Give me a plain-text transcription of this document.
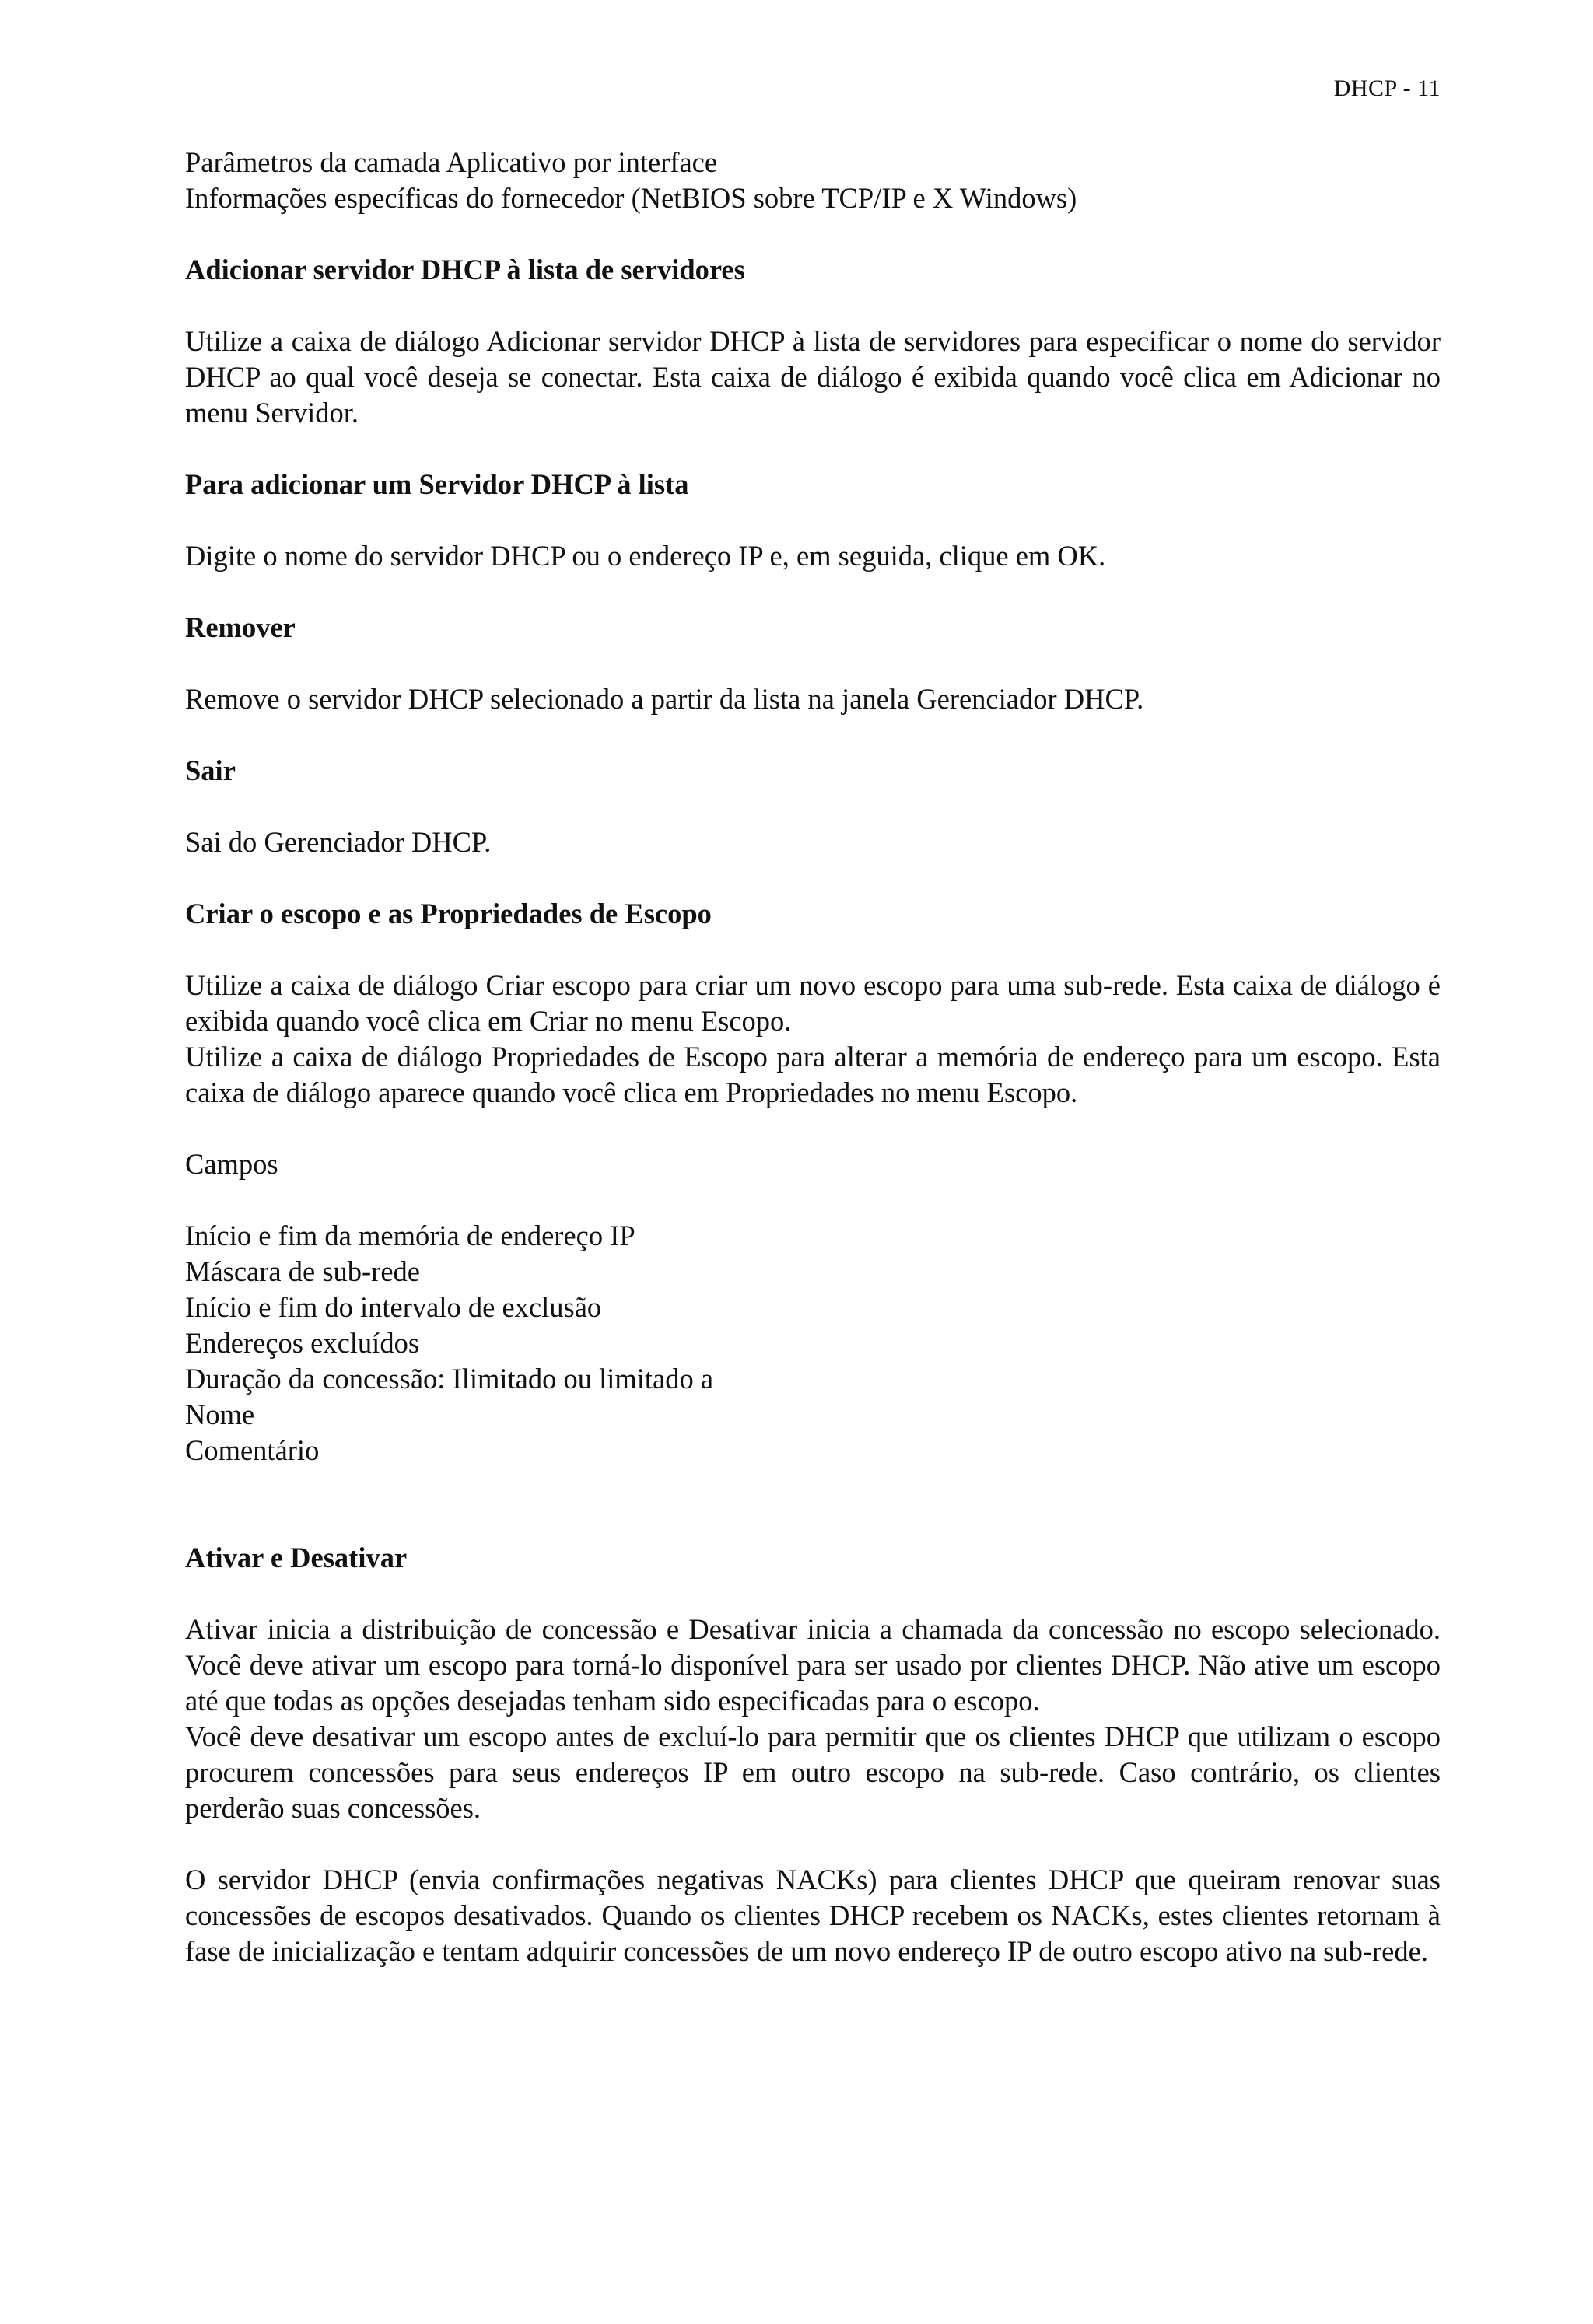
DHCP - 11
Parâmetros da camada Aplicativo por interface
Informações específicas do fornecedor (NetBIOS sobre TCP/IP e X Windows)
Adicionar servidor DHCP à lista de servidores
Utilize a caixa de diálogo Adicionar servidor DHCP à lista de servidores para especificar o nome do servidor DHCP ao qual você deseja se conectar. Esta caixa de diálogo é exibida quando você clica em Adicionar no menu Servidor.
Para adicionar um Servidor DHCP à lista
Digite o nome do servidor DHCP ou o endereço IP e, em seguida, clique em OK.
Remover
Remove o servidor DHCP selecionado a partir da lista na janela Gerenciador DHCP.
Sair
Sai do Gerenciador DHCP.
Criar o escopo e as Propriedades de Escopo
Utilize a caixa de diálogo Criar escopo para criar um novo escopo para uma sub-rede. Esta caixa de diálogo é exibida quando você clica em Criar no menu Escopo.
Utilize a caixa de diálogo Propriedades de Escopo para alterar a memória de endereço para um escopo. Esta caixa de diálogo aparece quando você clica em Propriedades no menu Escopo.
Campos
Início e fim da memória de endereço IP
Máscara de sub-rede
Início e fim do intervalo de exclusão
Endereços excluídos
Duração da concessão: Ilimitado ou limitado a
Nome
Comentário
Ativar e Desativar
Ativar inicia a distribuição de concessão e Desativar inicia a chamada da concessão no escopo selecionado. Você deve ativar um escopo para torná-lo disponível para ser usado por clientes DHCP. Não ative um escopo até que todas as opções desejadas tenham sido especificadas para o escopo.
Você deve desativar um escopo antes de excluí-lo para permitir que os clientes DHCP que utilizam o escopo procurem concessões para seus endereços IP em outro escopo na sub-rede. Caso contrário, os clientes perderão suas concessões.
O servidor DHCP (envia confirmações negativas NACKs) para clientes DHCP que queiram renovar suas concessões de escopos desativados. Quando os clientes DHCP recebem os NACKs, estes clientes retornam à fase de inicialização e tentam adquirir concessões de um novo endereço IP de outro escopo ativo na sub-rede.
